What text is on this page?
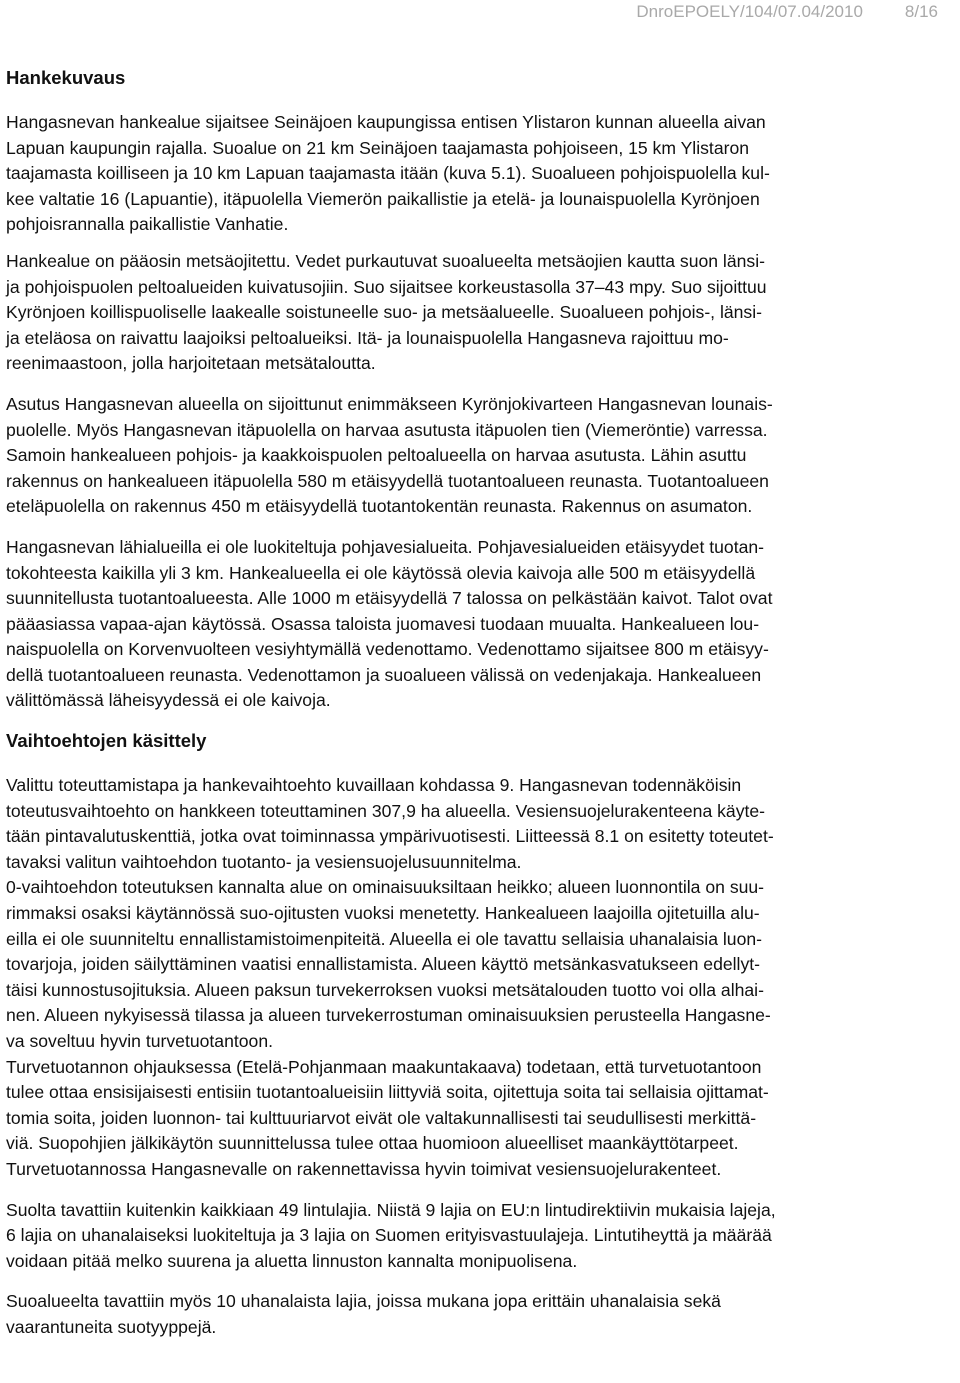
DnroEPOELY/104/07.04/2010 8/16
Hankekuvaus
Hangasnevan hankealue sijaitsee Seinäjoen kaupungissa entisen Ylistaron kunnan alueella aivan
Lapuan kaupungin rajalla. Suoalue on 21 km Seinäjoen taajamasta pohjoiseen, 15 km Ylistaron
taajamasta koilliseen ja 10 km Lapuan taajamasta itään (kuva 5.1). Suoalueen pohjoispuolella kul-
kee valtatie 16 (Lapuantie), itäpuolella Viemerön paikallistie ja etelä- ja lounaispuolella Kyrönjoen
pohjoisrannalla paikallistie Vanhatie.
Hankealue on pääosin metsäojitettu. Vedet purkautuvat suoalueelta metsäojien kautta suon länsi-
ja pohjoispuolen peltoalueiden kuivatusojiin. Suo sijaitsee korkeustasolla 37–43 mpy. Suo sijoittuu
Kyrönjoen koillispuoliselle laakealle soistuneelle suo- ja metsäalueelle. Suoalueen pohjois-, länsi-
ja eteläosa on raivattu laajoiksi peltoalueiksi. Itä- ja lounaispuolella Hangasneva rajoittuu mo-
reenimaastoon, jolla harjoitetaan metsätaloutta.
Asutus Hangasnevan alueella on sijoittunut enimmäkseen Kyrönjokivarteen Hangasnevan lounais-
puolelle. Myös Hangasnevan itäpuolella on harvaa asutusta itäpuolen tien (Viemeröntie) varressa.
Samoin hankealueen pohjois- ja kaakkoispuolen peltoalueella on harvaa asutusta. Lähin asuttu
rakennus on hankealueen itäpuolella 580 m etäisyydellä tuotantoalueen reunasta. Tuotantoalueen
eteläpuolella on rakennus 450 m etäisyydellä tuotantokentän reunasta. Rakennus on asumaton.
Hangasnevan lähialueilla ei ole luokiteltuja pohjavesialueita. Pohjavesialueiden etäisyydet tuotan-
tokohteesta kaikilla yli 3 km. Hankealueella ei ole käytössä olevia kaivoja alle 500 m etäisyydellä
suunnitellusta tuotantoalueesta. Alle 1000 m etäisyydellä 7 talossa on pelkästään kaivot. Talot ovat
pääasiassa vapaa-ajan käytössä. Osassa taloista juomavesi tuodaan muualta. Hankealueen lou-
naispuolella on Korvenvuolteen vesiyhtymällä vedenottamo. Vedenottamo sijaitsee 800 m etäisyy-
dellä tuotantoalueen reunasta. Vedenottamon ja suoalueen välissä on vedenjakaja. Hankealueen
välittömässä läheisyydessä ei ole kaivoja.
Vaihtoehtojen käsittely
Valittu toteuttamistapa ja hankevaihtoehto kuvaillaan kohdassa 9. Hangasnevan todennäköisin
toteutusvaihtoehto on hankkeen toteuttaminen 307,9 ha alueella. Vesiensuojelurakenteena käyte-
tään pintavalutuskenttiä, jotka ovat toiminnassa ympärivuotisesti. Liitteessä 8.1 on esitetty toteutet-
tavaksi valitun vaihtoehdon tuotanto- ja vesiensuojelusuunnitelma.
0-vaihtoehdon toteutuksen kannalta alue on ominaisuuksiltaan heikko; alueen luonnontila on suu-
rimmaksi osaksi käytännössä suo-ojitusten vuoksi menetetty. Hankealueen laajoilla ojitetuilla alu-
eilla ei ole suunniteltu ennallistamistoimenpiteitä. Alueella ei ole tavattu sellaisia uhanalaisia luon-
tovarjoja, joiden säilyttäminen vaatisi ennallistamista. Alueen käyttö metsänkasvatukseen edellyt-
täisi kunnostusojituksia. Alueen paksun turvekerroksen vuoksi metsätalouden tuotto voi olla alhai-
nen. Alueen nykyisessä tilassa ja alueen turvekerrostuman ominaisuuksien perusteella Hangasne-
va soveltuu hyvin turvetuotantoon.
Turvetuotannon ohjauksessa (Etelä-Pohjanmaan maakuntakaava) todetaan, että turvetuotantoon
tulee ottaa ensisijaisesti entisiin tuotantoalueisiin liittyviä soita, ojitettuja soita tai sellaisia ojittamat-
tomia soita, joiden luonnon- tai kulttuuriarvot eivät ole valtakunnallisesti tai seudullisesti merkittä-
viä. Suopohjien jälkikäytön suunnittelussa tulee ottaa huomioon alueelliset maankäyttötarpeet.
Turvetuotannossa Hangasnevalle on rakennettavissa hyvin toimivat vesiensuojelurakenteet.
Suolta tavattiin kuitenkin kaikkiaan 49 lintulajia. Niistä 9 lajia on EU:n lintudirektiivin mukaisia lajeja,
6 lajia on uhanalaiseksi luokiteltuja ja 3 lajia on Suomen erityisvastuulajeja. Lintutiheyttä ja määrää
voidaan pitää melko suurena ja aluetta linnuston kannalta monipuolisena.
Suoalueelta tavattiin myös 10 uhanalaista lajia, joissa mukana jopa erittäin uhanalaisia sekä
vaarantuneita suotyyppejä.
